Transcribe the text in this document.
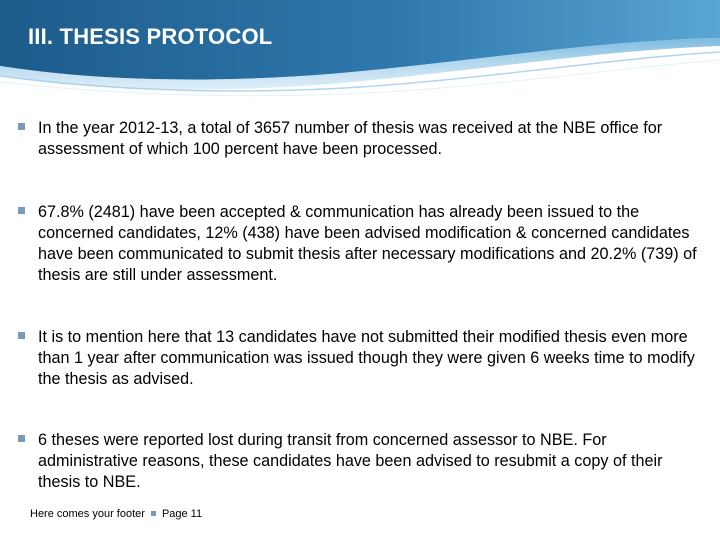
III. THESIS PROTOCOL
In the year 2012-13, a total of 3657 number of thesis was received at the NBE office for assessment of which 100 percent have been processed.
67.8% (2481) have been accepted & communication has already been issued to the concerned candidates, 12% (438) have been advised modification & concerned candidates have been communicated to submit thesis after necessary modifications and 20.2% (739) of thesis are still under assessment.
It is to mention here that 13 candidates have not submitted their modified thesis even more than 1 year after communication was issued though they were given 6 weeks time to modify the thesis as advised.
6 theses were reported lost during transit from concerned assessor to NBE. For administrative reasons, these candidates have been advised to resubmit a copy of their thesis to NBE.
Here comes your footer Page 11
